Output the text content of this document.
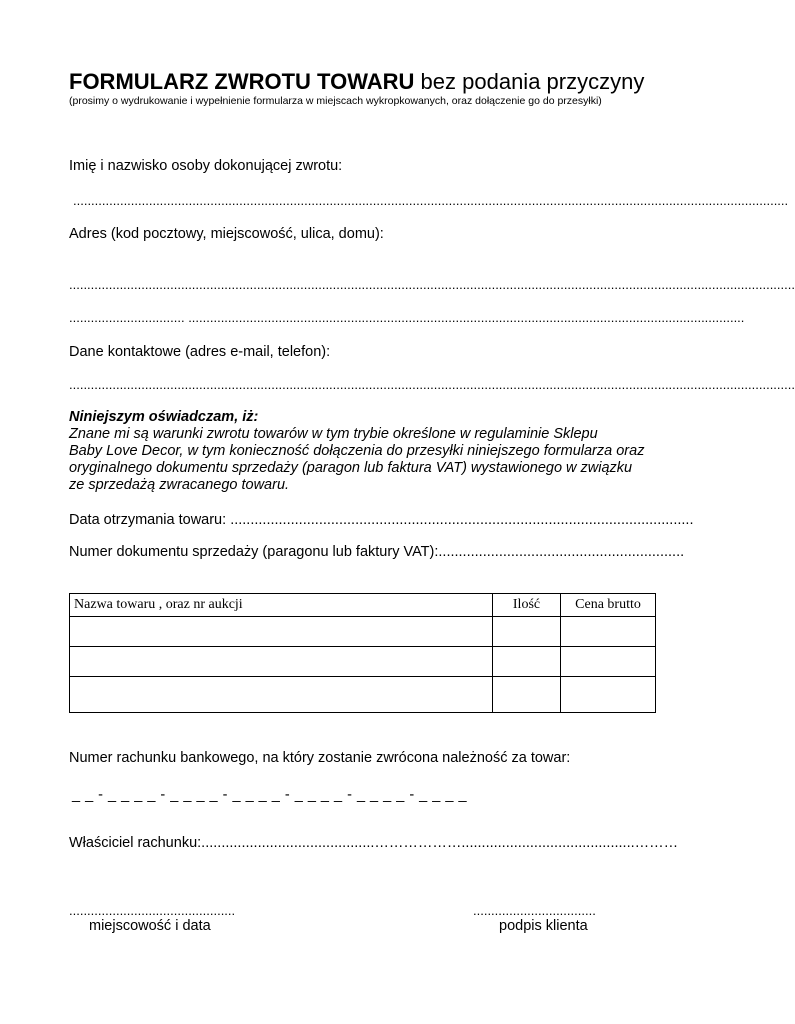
FORMULARZ ZWROTU TOWARU bez podania przyczyny
(prosimy o wydrukowanie i wypełnienie formularza w miejscach wykropkowanych, oraz dołączenie go do przesyłki)
Imię i nazwisko osoby dokonującej zwrotu:
......................................................................................................................................................................................................
Adres (kod pocztowy, miejscowość, ulica, domu):
.........................................................................................................................................................................................................
................................ ..........................................................................................................................................................
Dane kontaktowe (adres e-mail, telefon):
.........................................................................................................................................................................................................
Niniejszym oświadczam, iż:
Znane mi są warunki zwrotu towarów w tym trybie określone w regulaminie Sklepu
Baby Love Decor, w tym konieczność dołączenia do przesyłki niniejszego formularza oraz
oryginalnego dokumentu sprzedaży (paragon lub faktura VAT) wystawionego w związku
ze sprzedażą zwracanego towaru.
Data otrzymania towaru: ...................................................................................................................
Numer dokumentu sprzedaży (paragonu lub faktury VAT):.............................................................
Nazwa towaru , oraz nr aukcji	Ilość	Cena brutto

Numer rachunku bankowego, na który zostanie zwrócona należność za towar:
_ _ - _ _ _ _ - _ _ _ _ - _ _ _ _ - _ _ _ _ - _ _ _ _ - _ _ _ _
Właściciel rachunku:...........................................………………...........................................………
..............................................
miejscowość i data
..................................
podpis klienta
